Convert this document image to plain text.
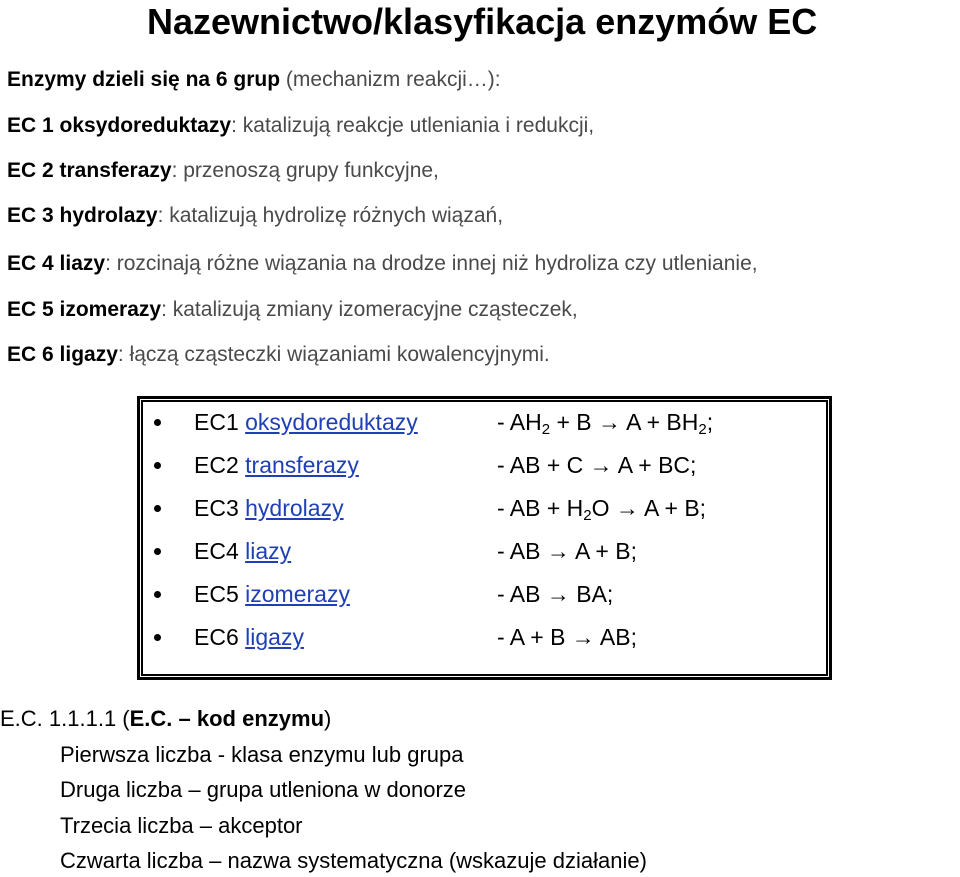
Nazewnictwo/klasyfikacja enzymów EC
Enzymy dzieli się na 6 grup (mechanizm reakcji…):
EC 1 oksydoreduktazy: katalizują reakcje utleniania i redukcji,
EC 2 transferazy: przenoszą grupy funkcyjne,
EC 3 hydrolazy: katalizują hydrolizę różnych wiązań,
EC 4 liazy: rozcinają różne wiązania na drodze innej niż hydroliza czy utlenianie,
EC 5 izomerazy: katalizują zmiany izomeracyjne cząsteczek,
EC 6 ligazy: łączą cząsteczki wiązaniami kowalencyjnymi.
EC1 oksydoreduktazy	- $AH_2 + B \to A + BH_2$;
EC2 transferazy	- AB + C → A + BC;
EC3 hydrolazy	- AB + $H_2O \to A + B$;
EC4 liazy	- AB → A + B;
EC5 izomerazy	- AB → BA;
EC6 ligazy	- A + B → AB;
E.C. 1.1.1.1 (E.C. – kod enzymu)
Pierwsza liczba - klasa enzymu lub grupa
Druga liczba – grupa utleniona w donorze
Trzecia liczba – akceptor
Czwarta liczba – nazwa systematyczna (wskazuje działanie)
